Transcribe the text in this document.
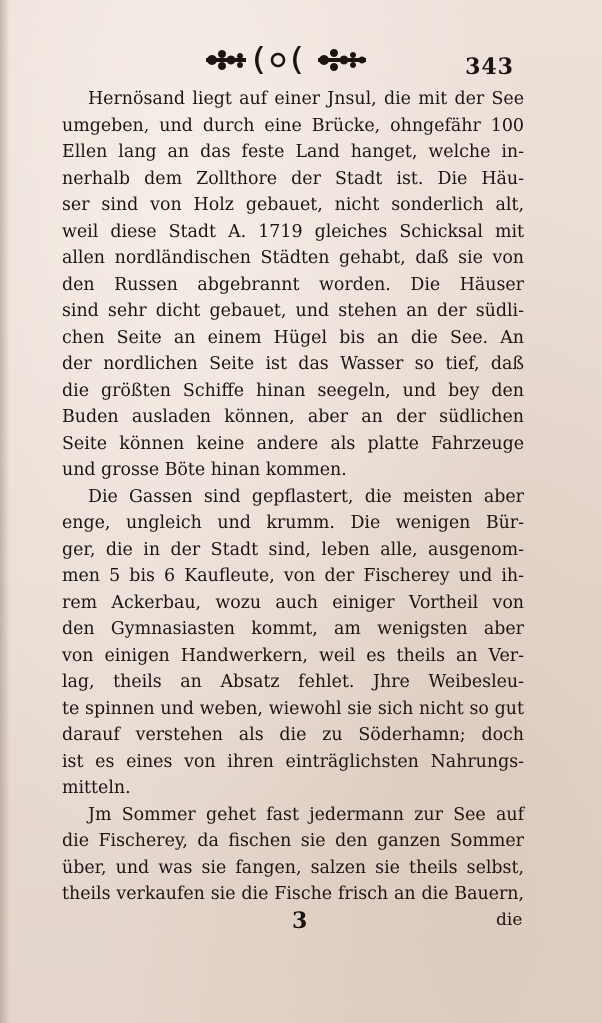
343
Hernösand liegt auf einer Jnsul, die mit der See
umgeben, und durch eine Brücke, ohngefähr 100
Ellen lang an das feste Land hanget, welche in-
nerhalb dem Zollthore der Stadt ist. Die Häu-
ser sind von Holz gebauet, nicht sonderlich alt,
weil diese Stadt A. 1719 gleiches Schicksal mit
allen nordländischen Städten gehabt, daß sie von
den Russen abgebrannt worden. Die Häuser
sind sehr dicht gebauet, und stehen an der südli-
chen Seite an einem Hügel bis an die See. An
der nordlichen Seite ist das Wasser so tief, daß
die größten Schiffe hinan seegeln, und bey den
Buden ausladen können, aber an der südlichen
Seite können keine andere als platte Fahrzeuge
und grosse Böte hinan kommen.
Die Gassen sind gepflastert, die meisten aber
enge, ungleich und krumm. Die wenigen Bür-
ger, die in der Stadt sind, leben alle, ausgenom-
men 5 bis 6 Kaufleute, von der Fischerey und ih-
rem Ackerbau, wozu auch einiger Vortheil von
den Gymnasiasten kommt, am wenigsten aber
von einigen Handwerkern, weil es theils an Ver-
lag, theils an Absatz fehlet. Jhre Weibesleu-
te spinnen und weben, wiewohl sie sich nicht so gut
darauf verstehen als die zu Söderhamn; doch
ist es eines von ihren einträglichsten Nahrungs-
mitteln.
Jm Sommer gehet fast jedermann zur See auf
die Fischerey, da fischen sie den ganzen Sommer
über, und was sie fangen, salzen sie theils selbst,
theils verkaufen sie die Fische frisch an die Bauern,
3	die
